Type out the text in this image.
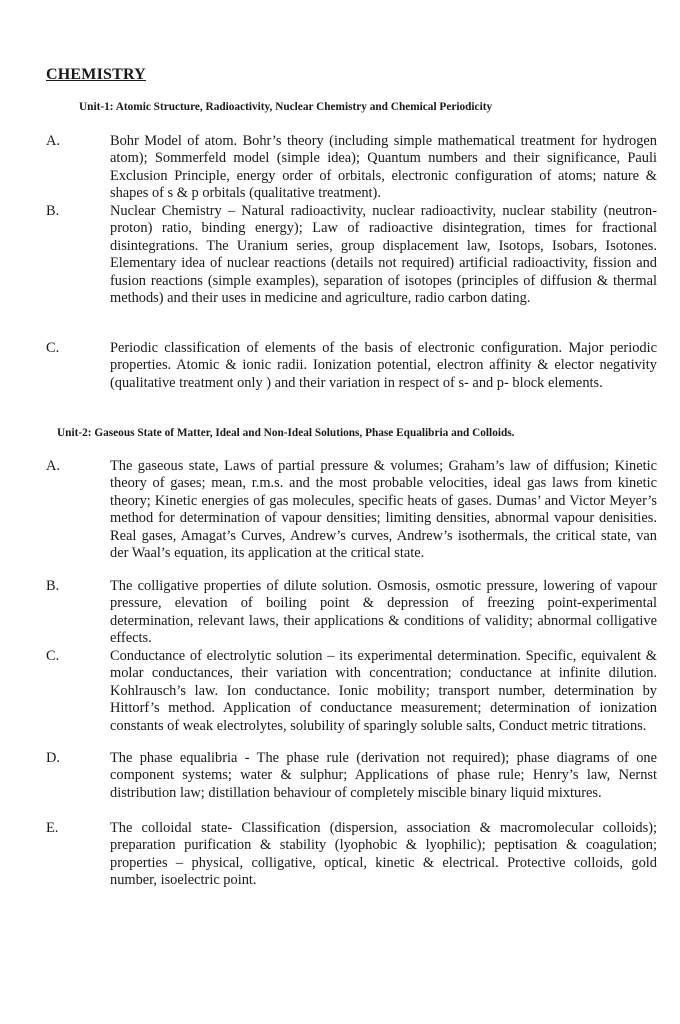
CHEMISTRY
Unit-1: Atomic Structure, Radioactivity, Nuclear Chemistry and Chemical Periodicity
A.	Bohr Model of atom. Bohr’s theory (including simple mathematical treatment for hydrogen atom); Sommerfeld model (simple idea); Quantum numbers and their significance, Pauli Exclusion Principle, energy order of orbitals, electronic configuration of atoms; nature & shapes of s & p orbitals (qualitative treatment).
B.	Nuclear Chemistry – Natural radioactivity, nuclear radioactivity, nuclear stability (neutron-proton) ratio, binding energy); Law of radioactive disintegration, times for fractional disintegrations. The Uranium series, group displacement law, Isotops, Isobars, Isotones. Elementary idea of nuclear reactions (details not required) artificial radioactivity, fission and fusion reactions (simple examples), separation of isotopes (principles of diffusion & thermal methods) and their uses in medicine and agriculture, radio carbon dating.
C.	Periodic classification of elements of the basis of electronic configuration. Major periodic properties. Atomic & ionic radii. Ionization potential, electron affinity & elector negativity (qualitative treatment only ) and their variation in respect of s- and p- block elements.
Unit-2: Gaseous State of Matter, Ideal and Non-Ideal Solutions, Phase Equalibria and Colloids.
A.	The gaseous state, Laws of partial pressure & volumes; Graham’s law of diffusion; Kinetic theory of gases; mean, r.m.s. and the most probable velocities, ideal gas laws from kinetic theory; Kinetic energies of gas molecules, specific heats of gases. Dumas’ and Victor Meyer’s method for determination of vapour densities; limiting densities, abnormal vapour denisities. Real gases, Amagat’s Curves, Andrew’s curves, Andrew’s isothermals, the critical state, van der Waal’s equation, its application at the critical state.
B.	The colligative properties of dilute solution. Osmosis, osmotic pressure, lowering of vapour pressure, elevation of boiling point & depression of freezing point-experimental determination, relevant laws, their applications & conditions of validity; abnormal colligative effects.
C.	Conductance of electrolytic solution – its experimental determination. Specific, equivalent & molar conductances, their variation with concentration; conductance at infinite dilution. Kohlrausch’s law. Ion conductance. Ionic mobility; transport number, determination by Hittorf’s method. Application of conductance measurement; determination of ionization constants of weak electrolytes, solubility of sparingly soluble salts, Conduct metric titrations.
D.	The phase equalibria - The phase rule (derivation not required); phase diagrams of one component systems; water & sulphur; Applications of phase rule; Henry’s law, Nernst distribution law; distillation behaviour of completely miscible binary liquid mixtures.
E.	The colloidal state- Classification (dispersion, association & macromolecular colloids); preparation purification & stability (lyophobic & lyophilic); peptisation & coagulation; properties – physical, colligative, optical, kinetic & electrical. Protective colloids, gold number, isoelectric point.
